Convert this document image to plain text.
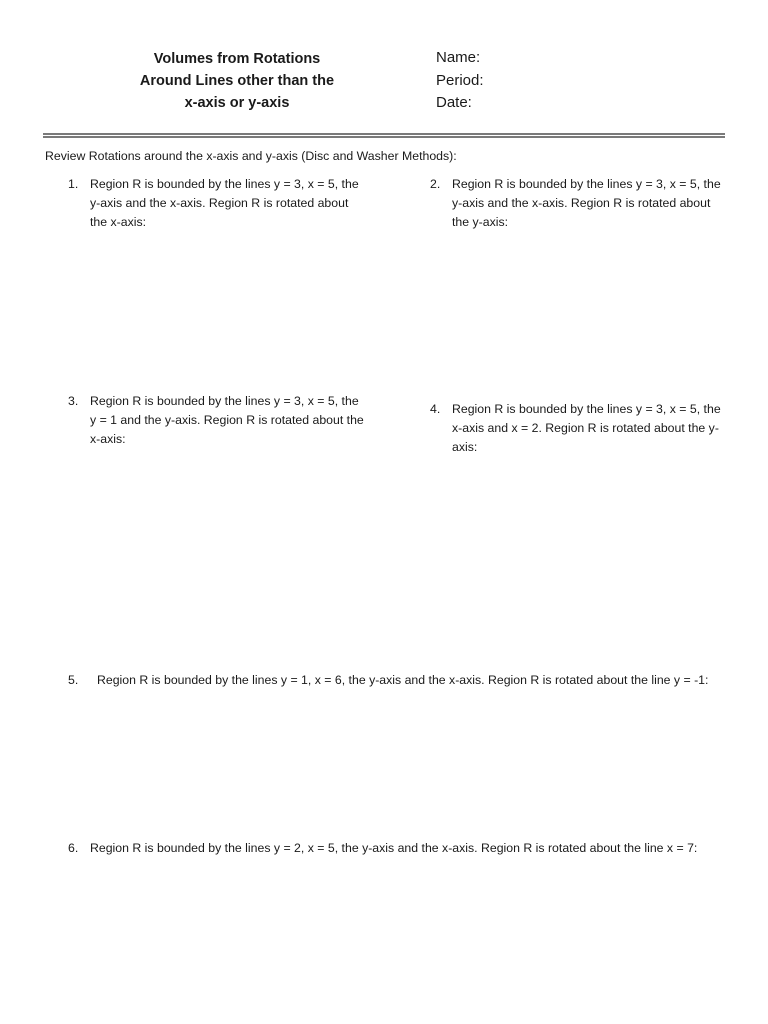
Volumes from Rotations
Around Lines other than the
x-axis or y-axis
Name:
Period:
Date:
Review Rotations around the x-axis and y-axis (Disc and Washer Methods):
1. Region R is bounded by the lines y = 3, x = 5, the y-axis and the x-axis. Region R is rotated about the x-axis:
2. Region R is bounded by the lines y = 3, x = 5, the y-axis and the x-axis. Region R is rotated about the y-axis:
3. Region R is bounded by the lines y = 3, x = 5, the y = 1 and the y-axis. Region R is rotated about the x-axis:
4. Region R is bounded by the lines y = 3, x = 5, the x-axis and x = 2. Region R is rotated about the y-axis:
5. Region R is bounded by the lines y = 1, x = 6, the y-axis and the x-axis. Region R is rotated about the line y = -1:
6. Region R is bounded by the lines y = 2, x = 5, the y-axis and the x-axis. Region R is rotated about the line x = 7:
